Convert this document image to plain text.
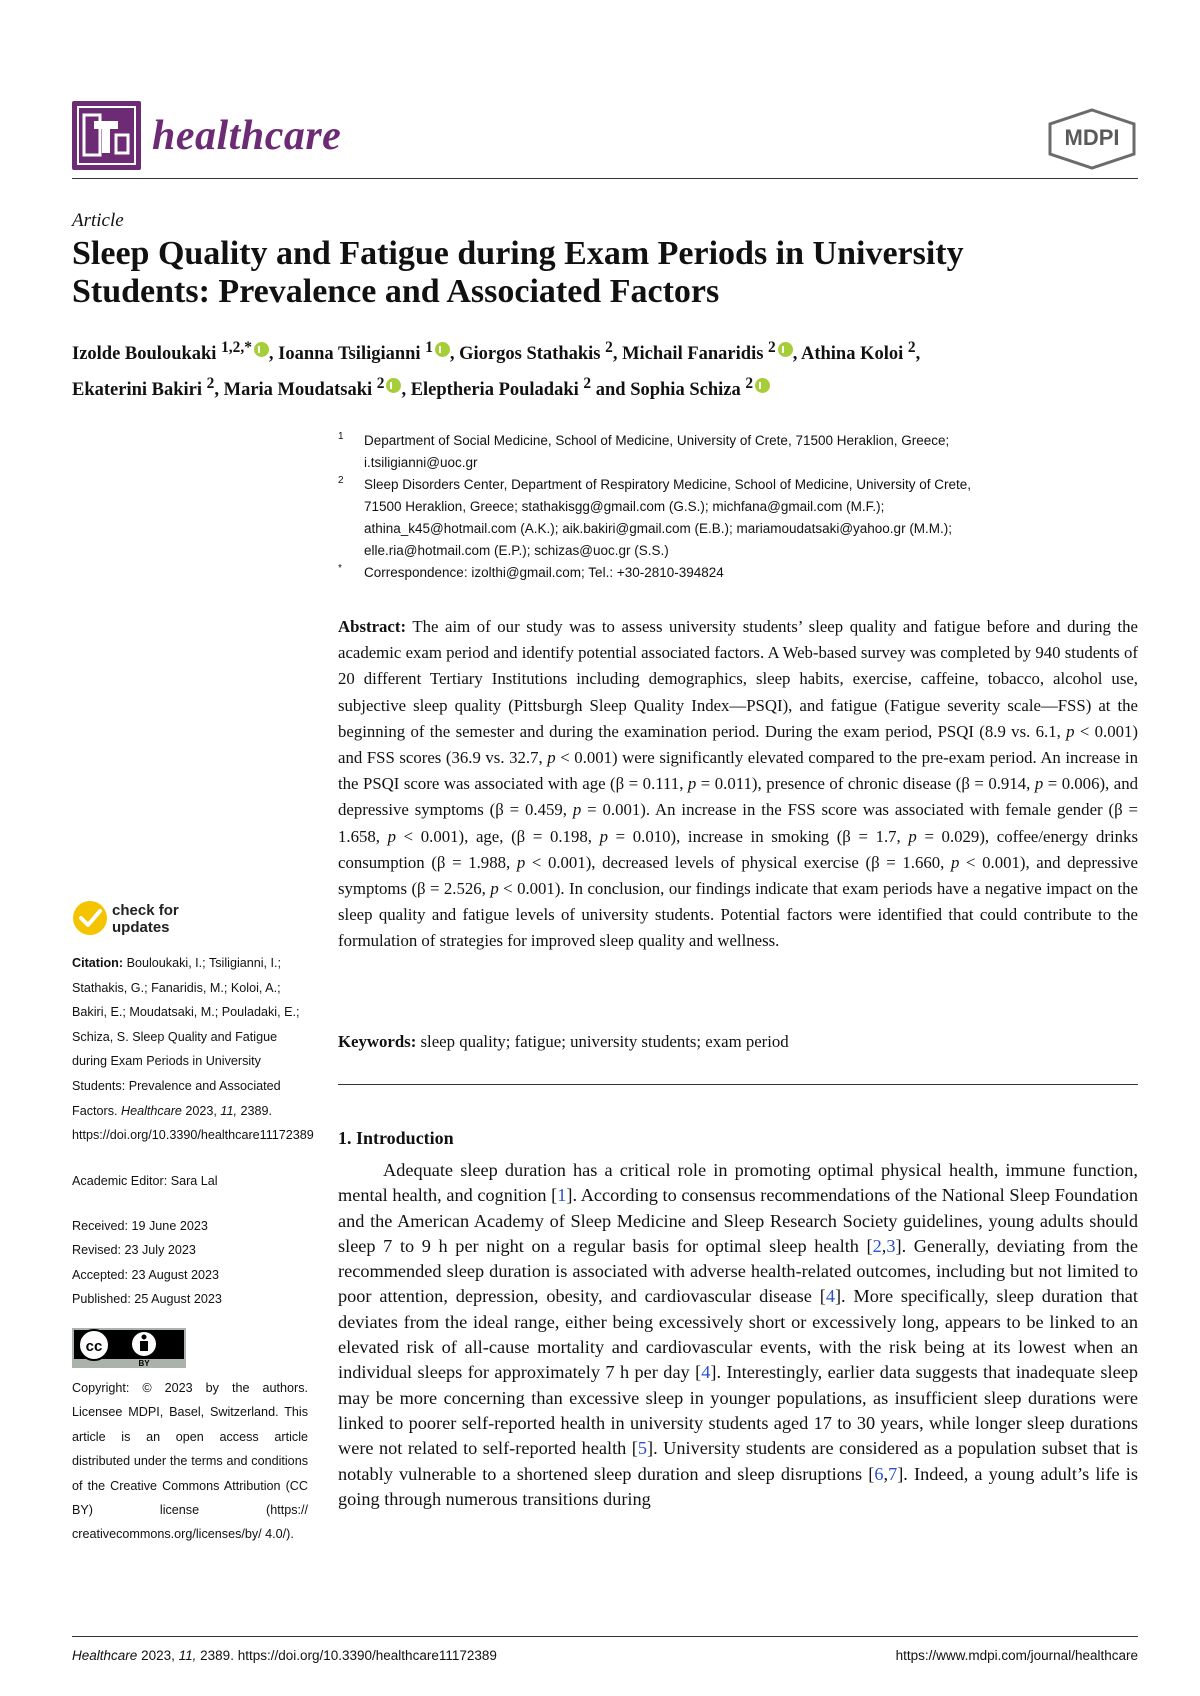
healthcare	MDPI
Article
Sleep Quality and Fatigue during Exam Periods in University
Students: Prevalence and Associated Factors
Izolde Bouloukaki $^{1,2,*}$ , Ioanna Tsiligianni $^1$ , Giorgos Stathakis $^2$, Michail Fanaridis $^2$ , Athina Koloi $^2$,
Ekaterini Bakiri $^2$, Maria Moudatsaki $^2$ , Eleptheria Pouladaki $^2$ and Sophia Schiza $^2$
1 Department of Social Medicine, School of Medicine, University of Crete, 71500 Heraklion, Greece;
i.tsiligianni@uoc.gr
2 Sleep Disorders Center, Department of Respiratory Medicine, School of Medicine, University of Crete,
71500 Heraklion, Greece; stathakisgg@gmail.com (G.S.); michfana@gmail.com (M.F.);
athina_k45@hotmail.com (A.K.); aik.bakiri@gmail.com (E.B.); mariamoudatsaki@yahoo.gr (M.M.);
elle.ria@hotmail.com (E.P.); schizas@uoc.gr (S.S.)
* Correspondence: izolthi@gmail.com; Tel.: +30-2810-394824
Abstract: The aim of our study was to assess university students’ sleep quality and fatigue before and during the academic exam period and identify potential associated factors. A Web-based survey was completed by 940 students of 20 different Tertiary Institutions including demographics, sleep habits, exercise, caffeine, tobacco, alcohol use, subjective sleep quality (Pittsburgh Sleep Quality Index—PSQI), and fatigue (Fatigue severity scale—FSS) at the beginning of the semester and during the examination period. During the exam period, PSQI (8.9 vs. 6.1, p < 0.001) and FSS scores (36.9 vs. 32.7, p < 0.001) were significantly elevated compared to the pre-exam period. An increase in the PSQI score was associated with age (β = 0.111, p = 0.011), presence of chronic disease (β = 0.914, p = 0.006), and depressive symptoms (β = 0.459, p = 0.001). An increase in the FSS score was associated with female gender (β = 1.658, p < 0.001), age, (β = 0.198, p = 0.010), increase in smoking (β = 1.7, p = 0.029), coffee/energy drinks consumption (β = 1.988, p < 0.001), decreased levels of physical exercise (β = 1.660, p < 0.001), and depressive symptoms (β = 2.526, p < 0.001). In conclusion, our findings indicate that exam periods have a negative impact on the sleep quality and fatigue levels of university students. Potential factors were identified that could contribute to the formulation of strategies for improved sleep quality and wellness.
Keywords: sleep quality; fatigue; university students; exam period
1. Introduction
Adequate sleep duration has a critical role in promoting optimal physical health, immune function, mental health, and cognition [1]. According to consensus recommendations of the National Sleep Foundation and the American Academy of Sleep Medicine and Sleep Research Society guidelines, young adults should sleep 7 to 9 h per night on a regular basis for optimal sleep health [2,3]. Generally, deviating from the recommended sleep duration is associated with adverse health-related outcomes, including but not limited to poor attention, depression, obesity, and cardiovascular disease [4]. More specifically, sleep duration that deviates from the ideal range, either being excessively short or excessively long, appears to be linked to an elevated risk of all-cause mortality and cardiovascular events, with the risk being at its lowest when an individual sleeps for approximately 7 h per day [4]. Interestingly, earlier data suggests that inadequate sleep may be more concerning than excessive sleep in younger populations, as insufficient sleep durations were linked to poorer self-reported health in university students aged 17 to 30 years, while longer sleep durations were not related to self-reported health [5]. University students are considered as a population subset that is notably vulnerable to a shortened sleep duration and sleep disruptions [6,7]. Indeed, a young adult’s life is going through numerous transitions during
check for
updates
Citation: Bouloukaki, I.; Tsiligianni, I.; Stathakis, G.; Fanaridis, M.; Koloi, A.; Bakiri, E.; Moudatsaki, M.; Pouladaki, E.; Schiza, S. Sleep Quality and Fatigue during Exam Periods in University Students: Prevalence and Associated Factors. Healthcare 2023, 11, 2389. https://doi.org/10.3390/healthcare11172389
Academic Editor: Sara Lal
Received: 19 June 2023
Revised: 23 July 2023
Accepted: 23 August 2023
Published: 25 August 2023
cc
BY
Copyright: © 2023 by the authors. Licensee MDPI, Basel, Switzerland. This article is an open access article distributed under the terms and conditions of the Creative Commons Attribution (CC BY) license (https:// creativecommons.org/licenses/by/ 4.0/).
Healthcare 2023, 11, 2389. https://doi.org/10.3390/healthcare11172389	https://www.mdpi.com/journal/healthcare
